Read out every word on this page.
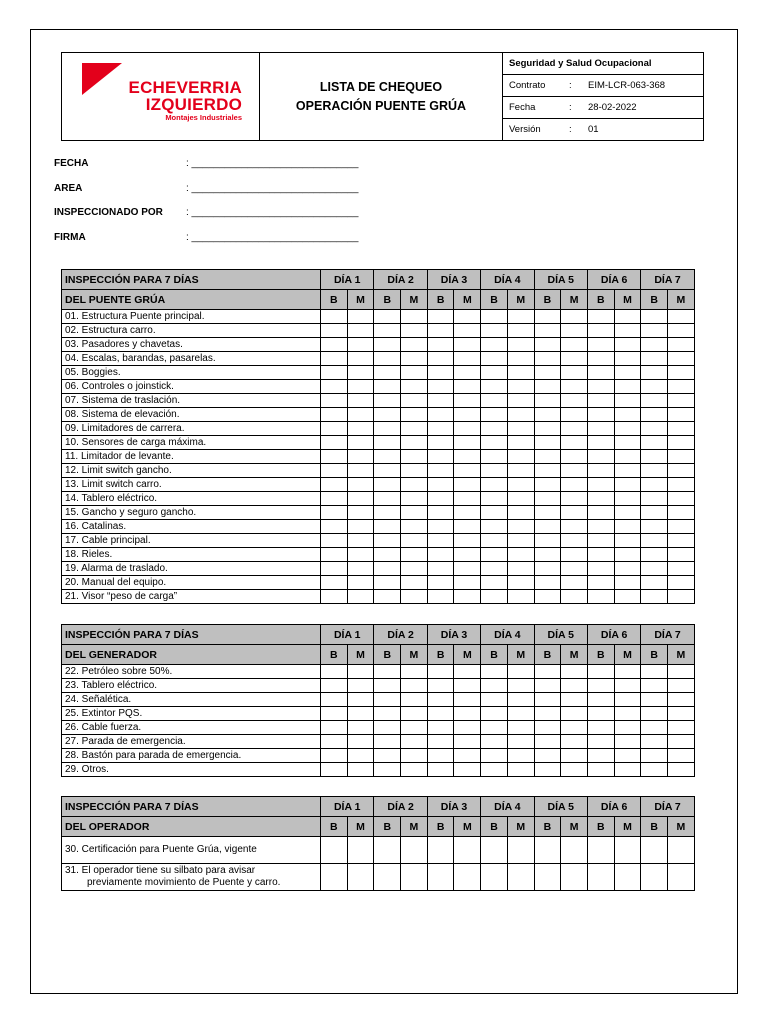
ECHEVERRIA
IZQUIERDO
Montajes Industriales
LISTA DE CHEQUEO
OPERACIÓN PUENTE GRÚA
Seguridad y Salud Ocupacional
Contrato	:	EIM-LCR-063-368
Fecha	:	28-02-2022
Versión	:	01
FECHA	: ______________________________
AREA	: ______________________________
INSPECCIONADO POR	: ______________________________
FIRMA	: ______________________________
INSPECCIÓN PARA 7 DÍAS	DÍA 1		DÍA 2		DÍA 3		DÍA 4		DÍA 5		DÍA 6		DÍA 7	
DEL PUENTE GRÚA	B	M	B	M	B	M	B	M	B	M	B	M	B	M
01. Estructura Puente principal.														
02. Estructura carro.														
03. Pasadores y chavetas.														
04. Escalas, barandas, pasarelas.														
05. Boggies.														
06. Controles o joinstick.														
07. Sistema de traslación.														
08. Sistema de elevación.														
09. Limitadores de carrera.														
10. Sensores de carga máxima.														
11. Limitador de levante.														
12. Limit switch gancho.														
13. Limit switch carro.														
14. Tablero eléctrico.														
15. Gancho y seguro gancho.														
16. Catalinas.														
17. Cable principal.														
18. Rieles.														
19. Alarma de traslado.														
20. Manual del equipo.														
21. Visor “peso de carga”														
INSPECCIÓN PARA 7 DÍAS	DÍA 1		DÍA 2		DÍA 3		DÍA 4		DÍA 5		DÍA 6		DÍA 7	
DEL GENERADOR	B	M	B	M	B	M	B	M	B	M	B	M	B	M
22. Petróleo sobre 50%.														
23. Tablero eléctrico.														
24. Señalética.														
25. Extintor PQS.														
26. Cable fuerza.														
27. Parada de emergencia.														
28. Bastón para parada de emergencia.														
29. Otros.														
INSPECCIÓN PARA 7 DÍAS	DÍA 1		DÍA 2		DÍA 3		DÍA 4		DÍA 5		DÍA 6		DÍA 7	
DEL OPERADOR	B	M	B	M	B	M	B	M	B	M	B	M	B	M
30. Certificación para Puente Grúa, vigente														
31. El operador tiene su silbato para avisar
previamente movimiento de Puente y carro.														
